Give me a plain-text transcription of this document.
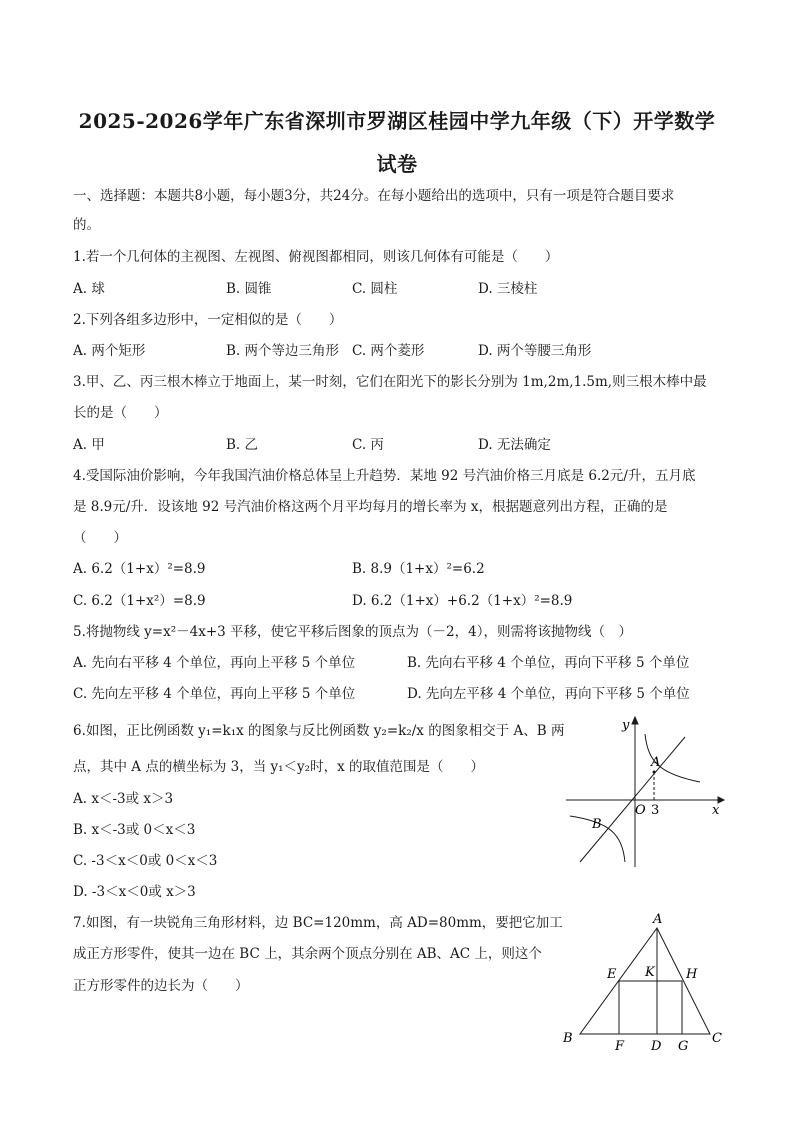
2025-2026学年广东省深圳市罗湖区桂园中学九年级（下）开学数学
试卷
一、选择题：本题共8小题，每小题3分，共24分。在每小题给出的选项中，只有一项是符合题目要求
的。
1.若一个几何体的主视图、左视图、俯视图都相同，则该几何体有可能是（　　）
A. 球	B. 圆锥	C. 圆柱	D. 三棱柱
2.下列各组多边形中，一定相似的是（　　）
A. 两个矩形	B. 两个等边三角形 C. 两个菱形	D. 两个等腰三角形
3.甲、乙、丙三根木棒立于地面上，某一时刻，它们在阳光下的影长分别为 1m,2m,1.5m,则三根木棒中最
长的是（　　）
A. 甲	B. 乙	C. 丙	D. 无法确定
4.受国际油价影响，今年我国汽油价格总体呈上升趋势．某地 92 号汽油价格三月底是 6.2元/升，五月底
是 8.9元/升．设该地 92 号汽油价格这两个月平均每月的增长率为 x，根据题意列出方程，正确的是
（　　）
A. 6.2（1+x）²=8.9	B. 8.9（1+x）²=6.2
C. 6.2（1+x²）=8.9	D. 6.2（1+x）+6.2（1+x）²=8.9
5.将抛物线 y=x²－4x+3 平移，使它平移后图象的顶点为（－2，4），则需将该抛物线（　）
A. 先向右平移 4 个单位，再向上平移 5 个单位	B. 先向右平移 4 个单位，再向下平移 5 个单位
C. 先向左平移 4 个单位，再向上平移 5 个单位	D. 先向左平移 4 个单位，再向下平移 5 个单位
6.如图，正比例函数 y₁=k₁x 的图象与反比例函数 y₂=k₂/x 的图象相交于 A、B 两
点，其中 A 点的横坐标为 3，当 y₁＜y₂时，x 的取值范围是（　　）
A. x＜-3或 x＞3
B. x＜-3或 0＜x＜3
C. -3＜x＜0或 0＜x＜3
D. -3＜x＜0或 x＞3
y
x
A
B
O 3
7.如图，有一块锐角三角形材料，边 BC=120mm，高 AD=80mm，要把它加工
成正方形零件，使其一边在 BC 上，其余两个顶点分别在 AB、AC 上，则这个
正方形零件的边长为（　　）
A
B	C
D
E
F	G
H
K
